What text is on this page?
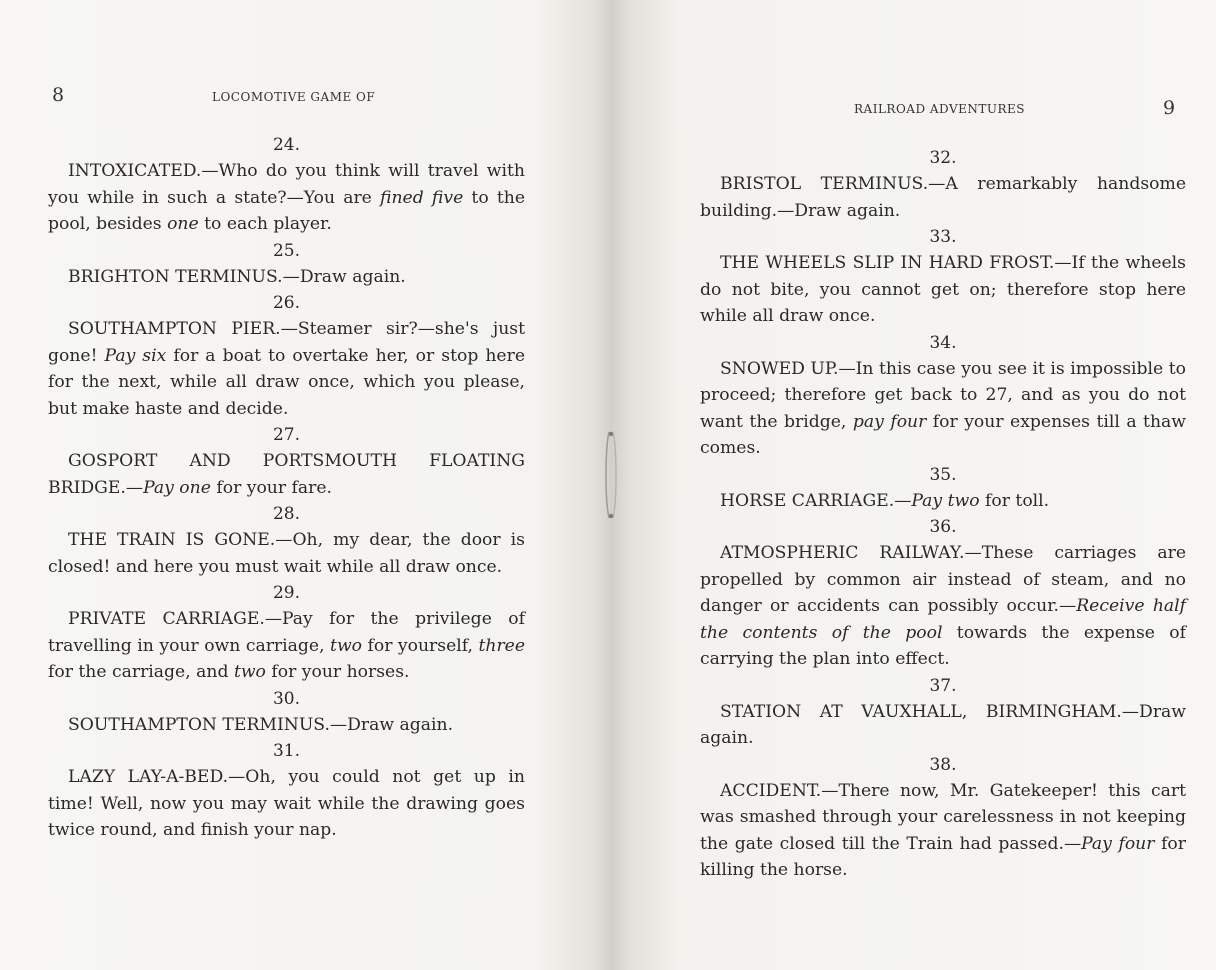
8	LOCOMOTIVE GAME OF
24.
INTOXICATED.—Who do you think will travel with you while in such a state?—You are fined five to the pool, besides one to each player.
25.
BRIGHTON TERMINUS.—Draw again.
26.
SOUTHAMPTON PIER.—Steamer sir?—she's just gone! Pay six for a boat to overtake her, or stop here for the next, while all draw once, which you please, but make haste and decide.
27.
GOSPORT AND PORTSMOUTH FLOATING BRIDGE.—Pay one for your fare.
28.
THE TRAIN IS GONE.—Oh, my dear, the door is closed! and here you must wait while all draw once.
29.
PRIVATE CARRIAGE.—Pay for the privilege of travelling in your own carriage, two for yourself, three for the carriage, and two for your horses.
30.
SOUTHAMPTON TERMINUS.—Draw again.
31.
LAZY LAY-A-BED.—Oh, you could not get up in time! Well, now you may wait while the drawing goes twice round, and finish your nap.
9
RAILROAD ADVENTURES
32.
BRISTOL TERMINUS.—A remarkably handsome building.—Draw again.
33.
THE WHEELS SLIP IN HARD FROST.—If the wheels do not bite, you cannot get on; therefore stop here while all draw once.
34.
SNOWED UP.—In this case you see it is impossible to proceed; therefore get back to 27, and as you do not want the bridge, pay four for your expenses till a thaw comes.
35.
HORSE CARRIAGE.—Pay two for toll.
36.
ATMOSPHERIC RAILWAY.—These carriages are propelled by common air instead of steam, and no danger or accidents can possibly occur.—Receive half the contents of the pool towards the expense of carrying the plan into effect.
37.
STATION AT VAUXHALL, BIRMINGHAM.—Draw again.
38.
ACCIDENT.—There now, Mr. Gatekeeper! this cart was smashed through your carelessness in not keeping the gate closed till the Train had passed.—Pay four for killing the horse.
